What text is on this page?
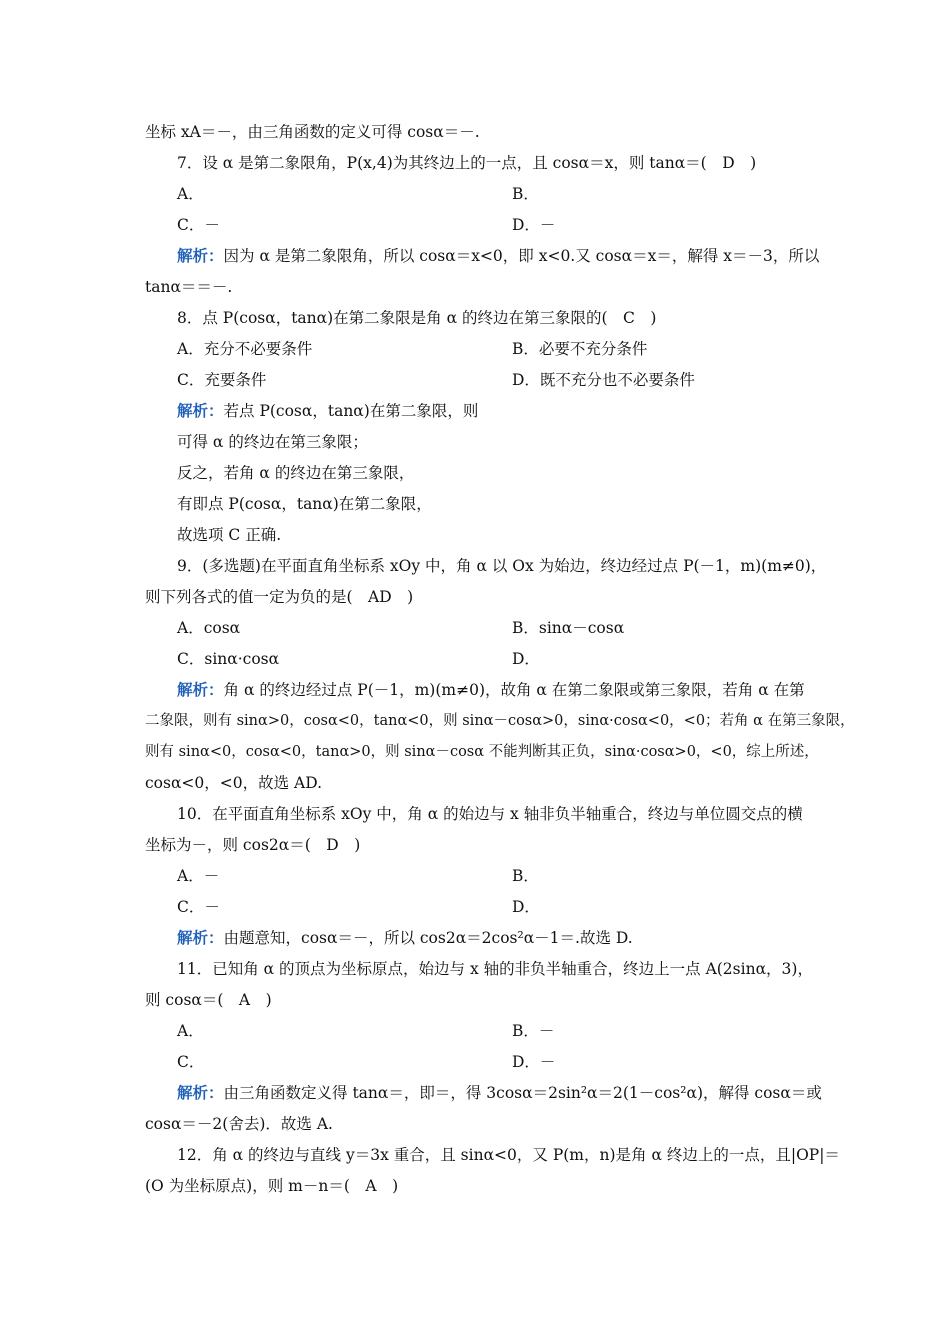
坐标 xA＝－，由三角函数的定义可得 cosα＝－.
7．设 α 是第二象限角，P(x,4)为其终边上的一点，且 cosα＝x，则 tanα＝(　D　)
A．	B．
C．－	D．－
解析：因为 α 是第二象限角，所以 cosα＝x<0，即 x<0.又 cosα＝x＝，解得 x＝－3，所以
tanα＝＝－.
8．点 P(cosα，tanα)在第二象限是角 α 的终边在第三象限的(　C　)
A．充分不必要条件	B．必要不充分条件
C．充要条件	D．既不充分也不必要条件
解析：若点 P(cosα，tanα)在第二象限，则
可得 α 的终边在第三象限；
反之，若角 α 的终边在第三象限，
有即点 P(cosα，tanα)在第二象限，
故选项 C 正确.
9．(多选题)在平面直角坐标系 xOy 中，角 α 以 Ox 为始边，终边经过点 P(－1，m)(m≠0)，
则下列各式的值一定为负的是(　AD　)
A．cosα	B．sinα－cosα
C．sinα·cosα	D．
解析：角 α 的终边经过点 P(－1，m)(m≠0)，故角 α 在第二象限或第三象限，若角 α 在第
二象限，则有 sinα>0，cosα<0，tanα<0，则 sinα－cosα>0，sinα·cosα<0，<0；若角 α 在第三象限，
则有 sinα<0，cosα<0，tanα>0，则 sinα－cosα 不能判断其正负，sinα·cosα>0，<0，综上所述，
cosα<0，<0，故选 AD.
10．在平面直角坐标系 xOy 中，角 α 的始边与 x 轴非负半轴重合，终边与单位圆交点的横
坐标为－，则 cos2α＝(　D　)
A．－	B．
C．－	D．
解析：由题意知，cosα＝－，所以 cos2α＝2cos²α－1＝.故选 D.
11．已知角 α 的顶点为坐标原点，始边与 x 轴的非负半轴重合，终边上一点 A(2sinα，3)，
则 cosα＝(　A　)
A．	B．－
C．	D．－
解析：由三角函数定义得 tanα＝，即＝，得 3cosα＝2sin²α＝2(1－cos²α)，解得 cosα＝或
cosα＝－2(舍去)．故选 A.
12．角 α 的终边与直线 y＝3x 重合，且 sinα<0，又 P(m，n)是角 α 终边上的一点，且|OP|＝
(O 为坐标原点)，则 m－n＝(　A　)
